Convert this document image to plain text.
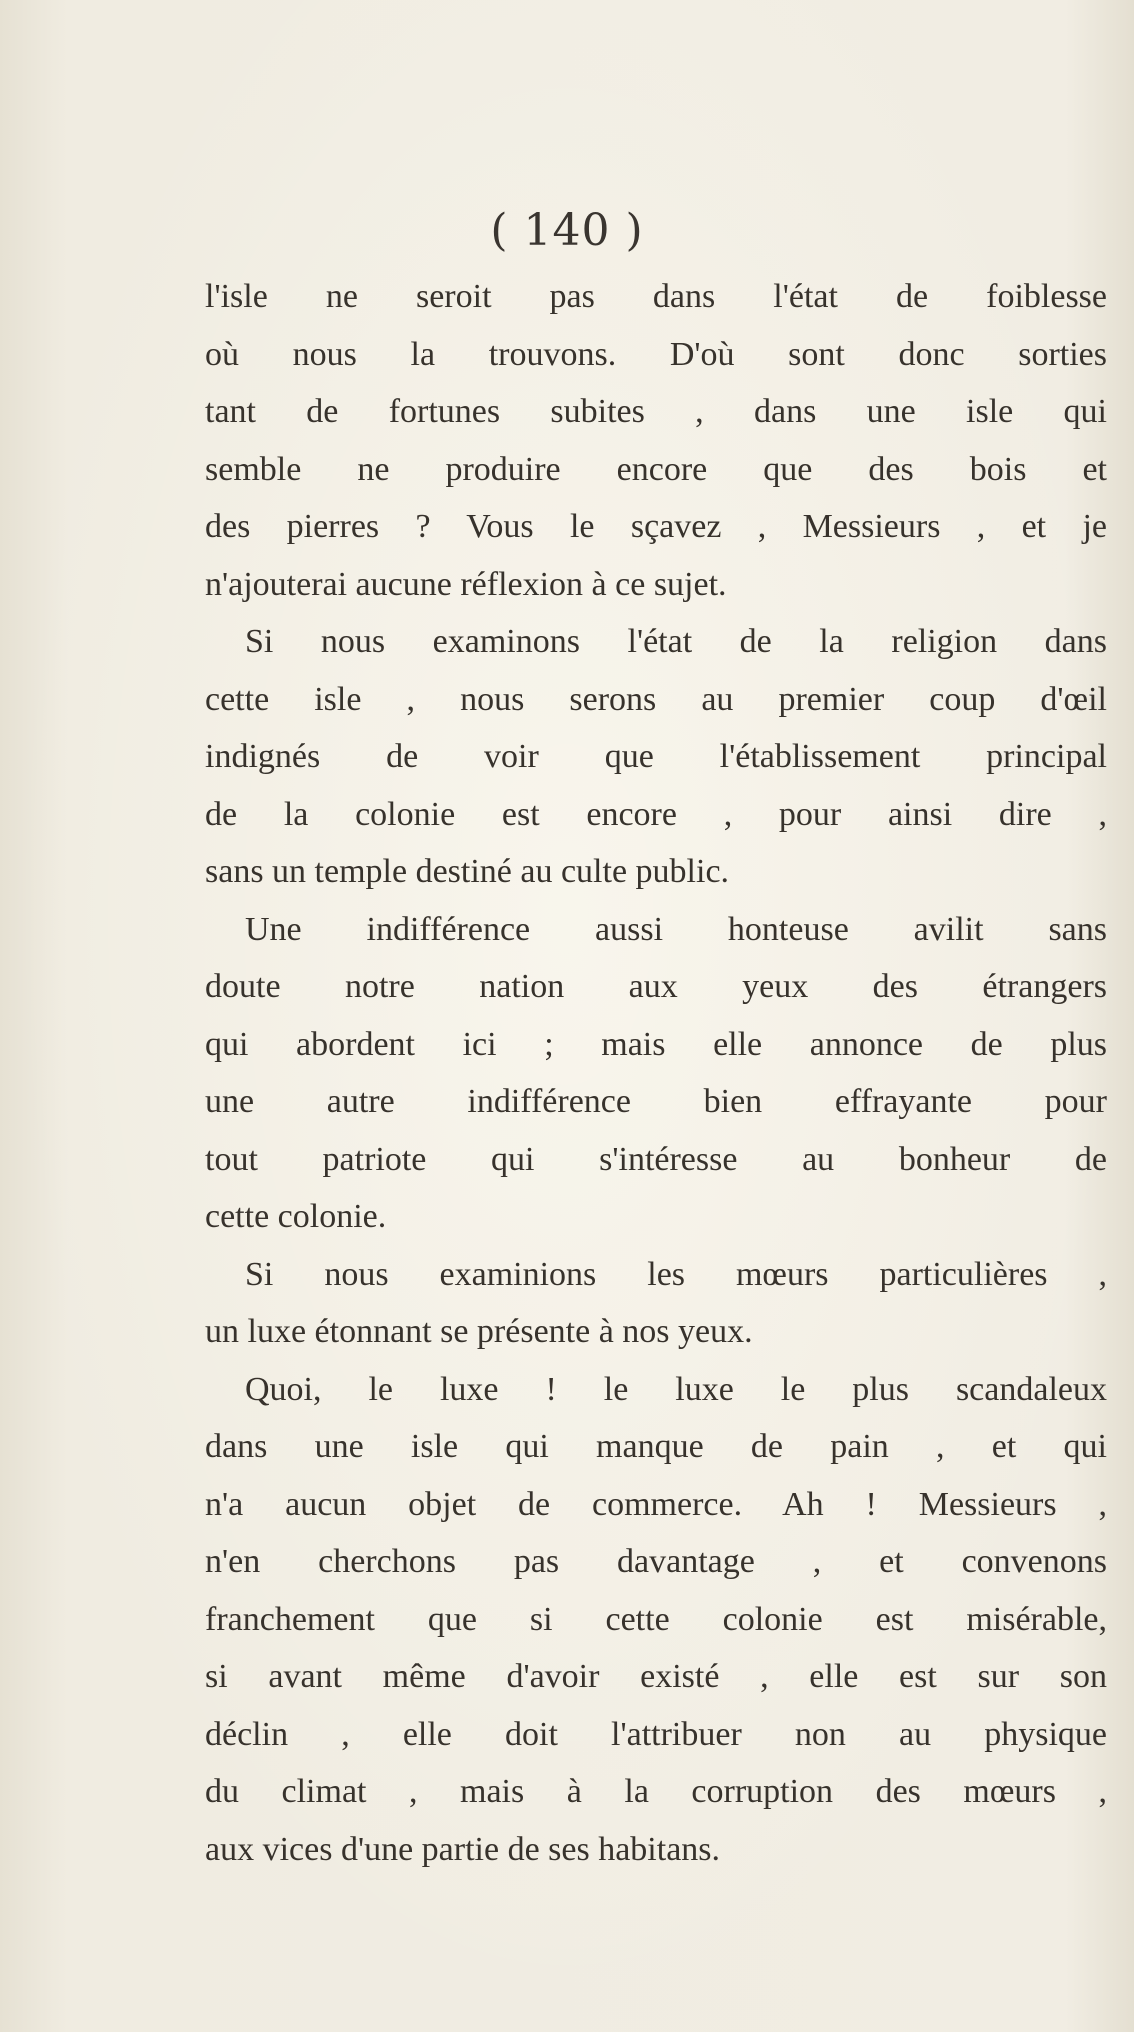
( 140 )
l'isle ne seroit pas dans l'état de foiblesse
où nous la trouvons. D'où sont donc sorties
tant de fortunes subites , dans une isle qui
semble ne produire encore que des bois et
des pierres ? Vous le sçavez , Messieurs , et je
n'ajouterai aucune réflexion à ce sujet.
Si nous examinons l'état de la religion dans
cette isle , nous serons au premier coup d'œil
indignés de voir que l'établissement principal
de la colonie est encore , pour ainsi dire ,
sans un temple destiné au culte public.
Une indifférence aussi honteuse avilit sans
doute notre nation aux yeux des étrangers
qui abordent ici ; mais elle annonce de plus
une autre indifférence bien effrayante pour
tout patriote qui s'intéresse au bonheur de
cette colonie.
Si nous examinions les mœurs particulières ,
un luxe étonnant se présente à nos yeux.
Quoi, le luxe ! le luxe le plus scandaleux
dans une isle qui manque de pain , et qui
n'a aucun objet de commerce. Ah ! Messieurs ,
n'en cherchons pas davantage , et convenons
franchement que si cette colonie est misérable,
si avant même d'avoir existé , elle est sur son
déclin , elle doit l'attribuer non au physique
du climat , mais à la corruption des mœurs ,
aux vices d'une partie de ses habitans.
